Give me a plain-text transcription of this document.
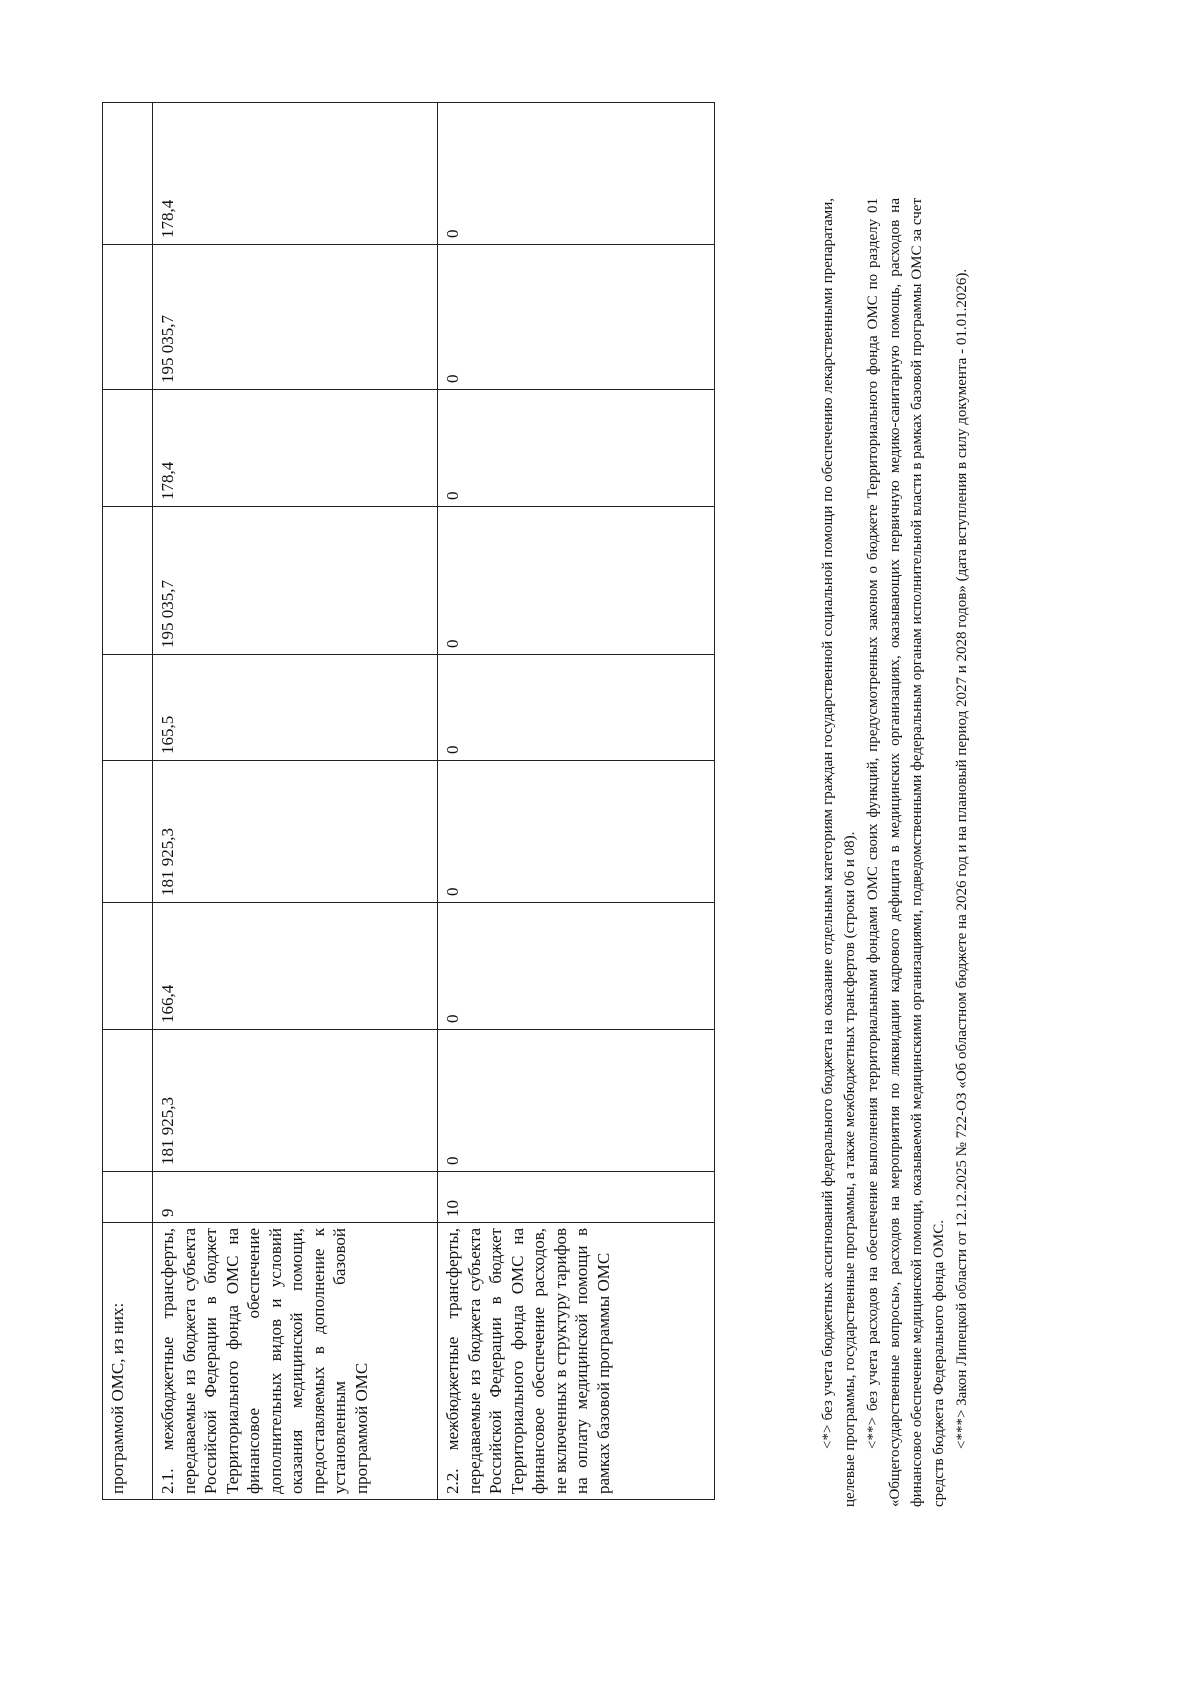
программой ОМС, из них:									
2.1. межбюджетные трансферты, передаваемые из бюджета субъекта Российской Федерации в бюджет Территориального фонда ОМС на финансовое обеспечение дополнительных видов и условий оказания медицинской помощи, предоставляемых в дополнение к установленным базовой программой ОМС	9	181 925,3	166,4	181 925,3	165,5	195 035,7	178,4	195 035,7	178,4
2.2. межбюджетные трансферты, передаваемые из бюджета субъекта Российской Федерации в бюджет Территориального фонда ОМС на финансовое обеспечение расходов, не включенных в структуру тарифов на оплату медицинской помощи в рамках базовой программы ОМС	10	0	0	0	0	0	0	0	0	<*> без учета бюджетных ассигнований федерального бюджета на оказание отдельным категориям граждан государственной социальной помощи по обеспечению лекарственными препаратами, целевые программы, государственные программы, а также межбюджетных трансфертов (строки 06 и 08). <**> без учета расходов на обеспечение выполнения территориальными фондами ОМС своих функций, предусмотренных законом о бюджете Территориального фонда ОМС по разделу 01 «Общегосударственные вопросы», расходов на мероприятия по ликвидации кадрового дефицита в медицинских организациях, оказывающих первичную медико-санитарную помощь, расходов на финансовое обеспечение медицинской помощи, оказываемой медицинскими организациями, подведомственными федеральным органам исполнительной власти в рамках базовой программы ОМС за счет средств бюджета Федерального фонда ОМС. <***> Закон Липецкой области от 12.12.2025 № 722-ОЗ «Об областном бюджете на 2026 год и на плановый период 2027 и 2028 годов» (дата вступления в силу документа - 01.01.2026).
